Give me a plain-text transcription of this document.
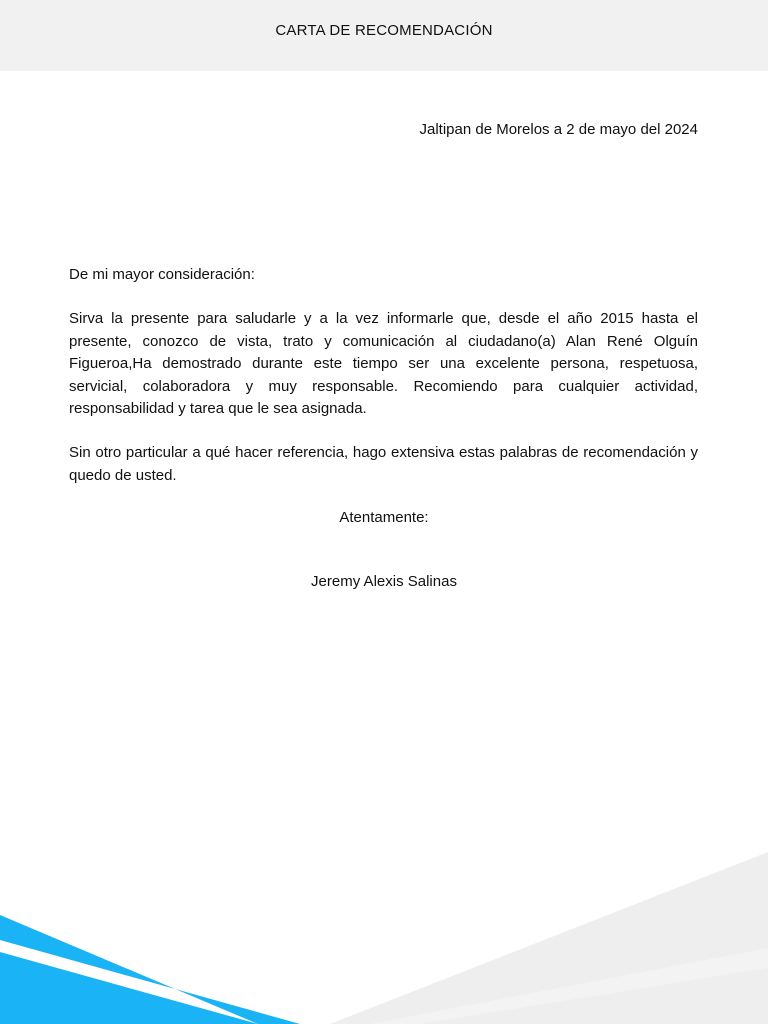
CARTA DE RECOMENDACIÓN
Jaltipan de Morelos a 2 de mayo del 2024
De mi mayor consideración:

Sirva la presente para saludarle y a la vez informarle que, desde el año 2015 hasta el presente, conozco de vista, trato y comunicación al ciudadano(a) Alan René Olguín Figueroa,Ha demostrado durante este tiempo ser una excelente persona, respetuosa, servicial, colaboradora y muy responsable. Recomiendo para cualquier actividad, responsabilidad y tarea que le sea asignada.

Sin otro particular a qué hacer referencia, hago extensiva estas palabras de recomendación y quedo de usted.

Atentamente:
Jeremy Alexis Salinas
